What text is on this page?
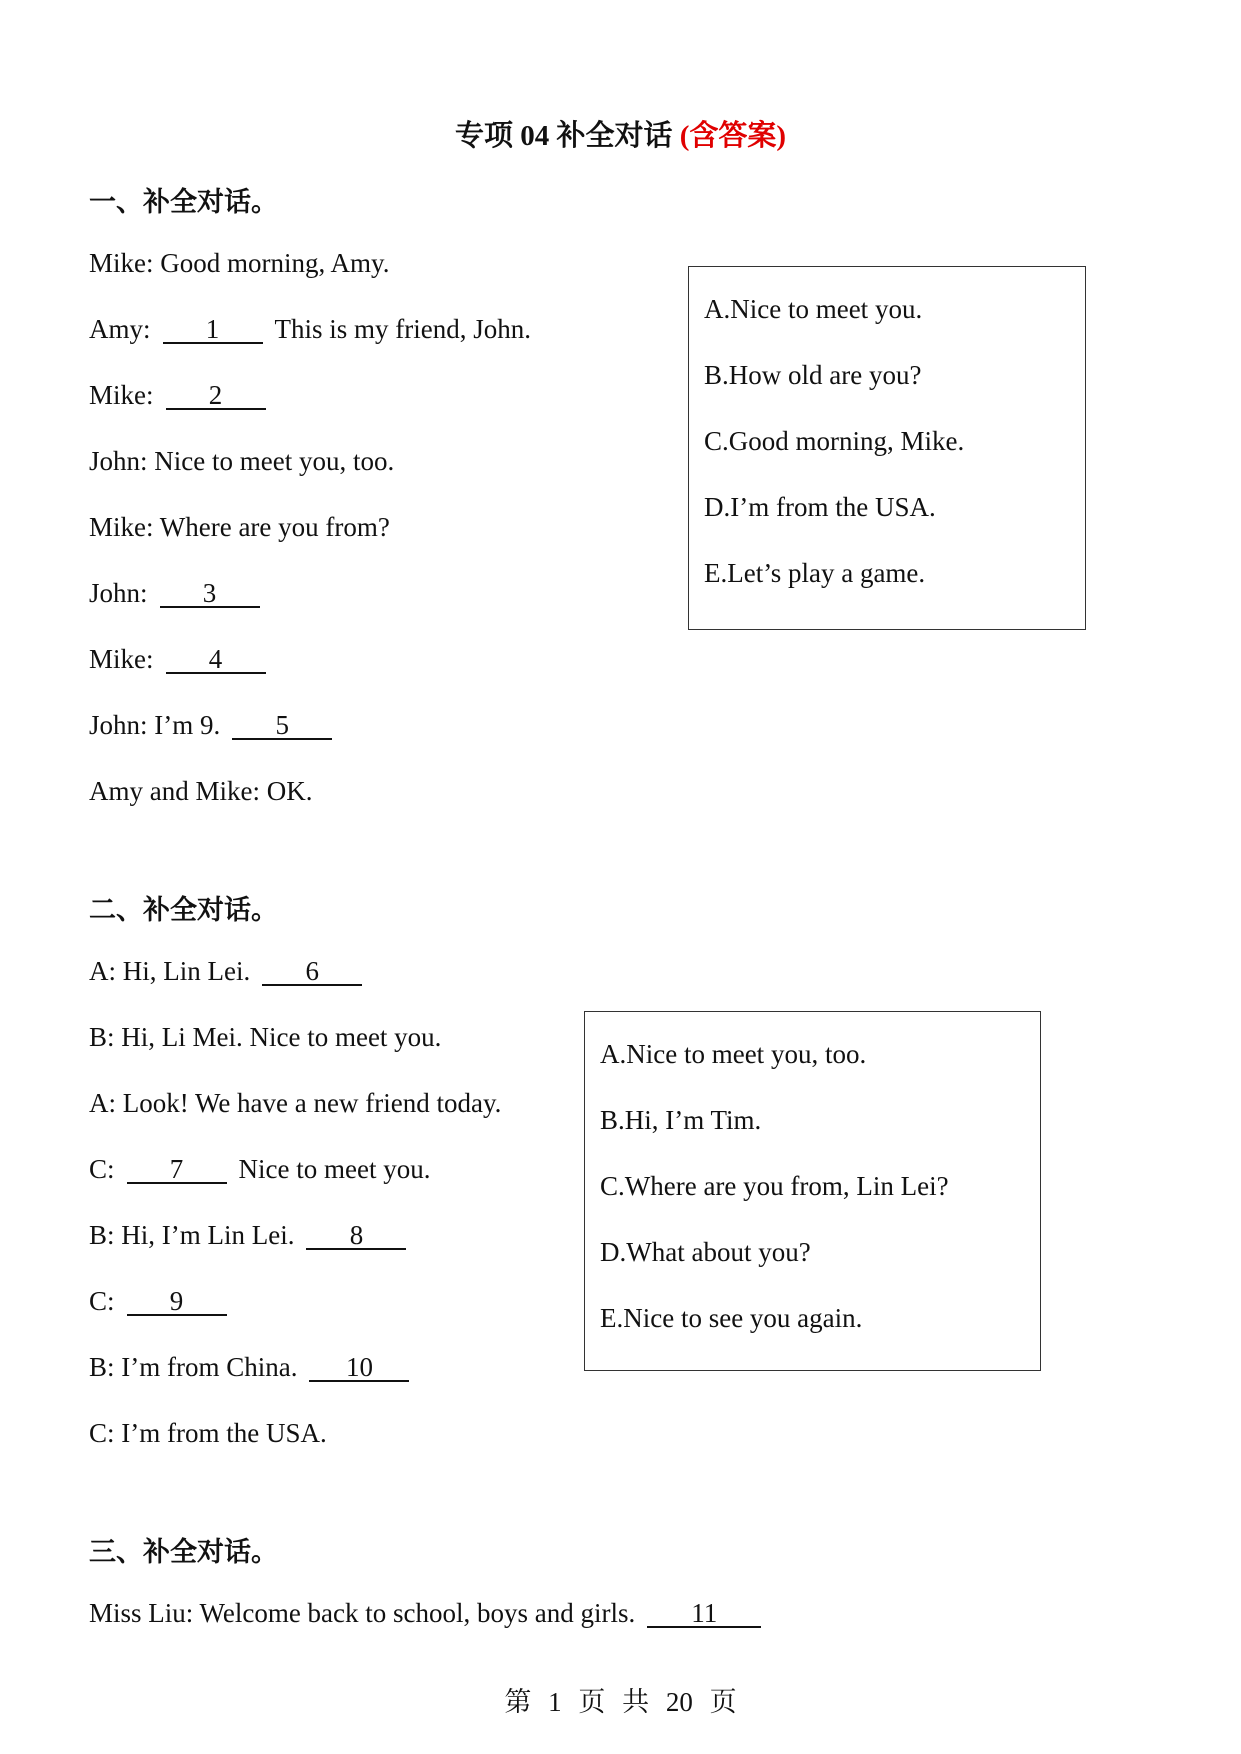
专项 04 补全对话 (含答案)
一、补全对话。
Mike: Good morning, Amy.
Amy: 1 This is my friend, John.
Mike: 2
John: Nice to meet you, too.
Mike: Where are you from?
John: 3
Mike: 4
John: I’m 9. 5
Amy and Mike: OK.
A.Nice to meet you.
B.How old are you?
C.Good morning, Mike.
D.I’m from the USA.
E.Let’s play a game.
二、补全对话。
A: Hi, Lin Lei. 6
B: Hi, Li Mei. Nice to meet you.
A: Look! We have a new friend today.
C: 7 Nice to meet you.
B: Hi, I’m Lin Lei. 8
C: 9
B: I’m from China. 10
C: I’m from the USA.
A.Nice to meet you, too.
B.Hi, I’m Tim.
C.Where are you from, Lin Lei?
D.What about you?
E.Nice to see you again.
三、补全对话。
Miss Liu: Welcome back to school, boys and girls. 11
第 1 页 共 20 页
